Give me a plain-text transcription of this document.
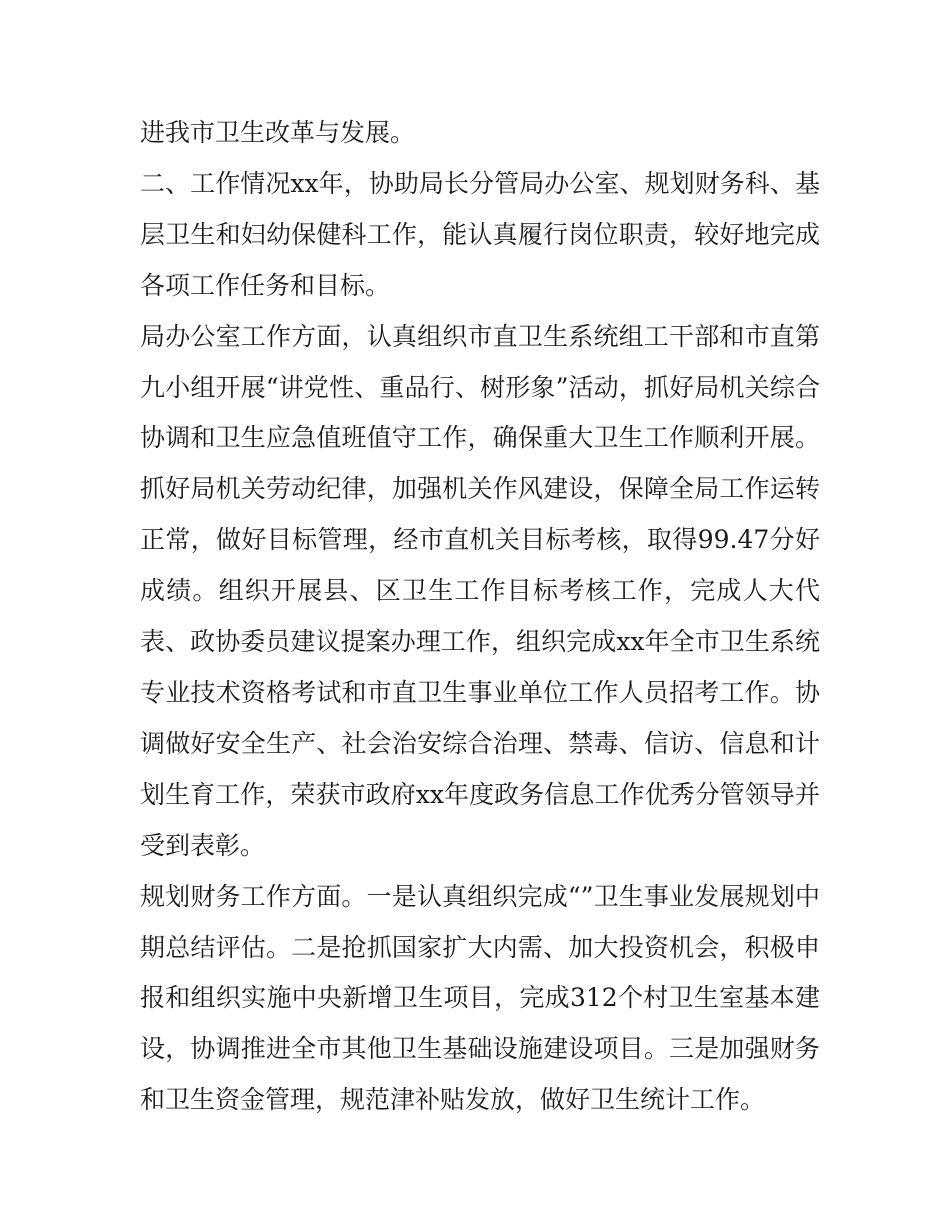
进我市卫生改革与发展。

二、工作情况xx年，协助局长分管局办公室、规划财务科、基层卫生和妇幼保健科工作，能认真履行岗位职责，较好地完成各项工作任务和目标。

局办公室工作方面，认真组织市直卫生系统组工干部和市直第九小组开展“讲党性、重品行、树形象”活动，抓好局机关综合协调和卫生应急值班值守工作，确保重大卫生工作顺利开展。抓好局机关劳动纪律，加强机关作风建设，保障全局工作运转正常，做好目标管理，经市直机关目标考核，取得99.47分好成绩。组织开展县、区卫生工作目标考核工作，完成人大代表、政协委员建议提案办理工作，组织完成xx年全市卫生系统专业技术资格考试和市直卫生事业单位工作人员招考工作。协调做好安全生产、社会治安综合治理、禁毒、信访、信息和计划生育工作，荣获市政府xx年度政务信息工作优秀分管领导并受到表彰。

规划财务工作方面。一是认真组织完成“”卫生事业发展规划中期总结评估。二是抢抓国家扩大内需、加大投资机会，积极申报和组织实施中央新增卫生项目，完成312个村卫生室基本建设，协调推进全市其他卫生基础设施建设项目。三是加强财务和卫生资金管理，规范津补贴发放，做好卫生统计工作。
